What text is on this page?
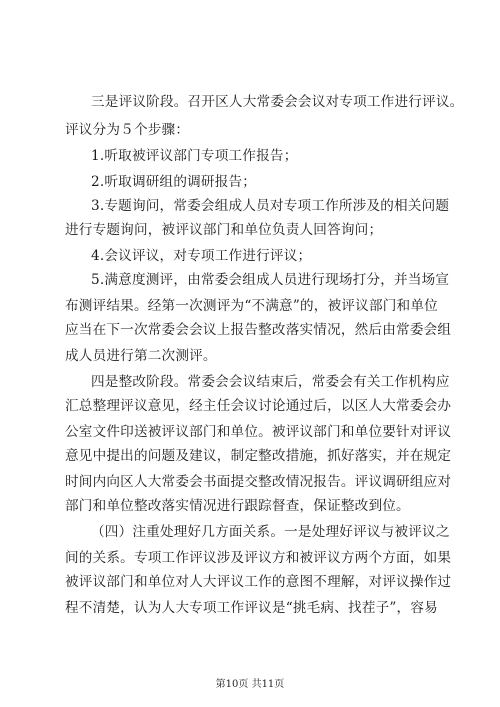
三是评议阶段。召开区人大常委会会议对专项工作进行评议。
评议分为５个步骤：
1.听取被评议部门专项工作报告；
2.听取调研组的调研报告；
3.专题询问，常委会组成人员对专项工作所涉及的相关问题
进行专题询问，被评议部门和单位负责人回答询问；
4.会议评议，对专项工作进行评议；
5.满意度测评，由常委会组成人员进行现场打分，并当场宣
布测评结果。经第一次测评为“不满意”的，被评议部门和单位
应当在下一次常委会会议上报告整改落实情况，然后由常委会组
成人员进行第二次测评。
四是整改阶段。常委会会议结束后，常委会有关工作机构应
汇总整理评议意见，经主任会议讨论通过后，以区人大常委会办
公室文件印送被评议部门和单位。被评议部门和单位要针对评议
意见中提出的问题及建议，制定整改措施，抓好落实，并在规定
时间内向区人大常委会书面提交整改情况报告。评议调研组应对
部门和单位整改落实情况进行跟踪督查，保证整改到位。
（四）注重处理好几方面关系。一是处理好评议与被评议之
间的关系。专项工作评议涉及评议方和被评议方两个方面，如果
被评议部门和单位对人大评议工作的意图不理解，对评议操作过
程不清楚，认为人大专项工作评议是“挑毛病、找茬子”，容易
第10页 共11页
